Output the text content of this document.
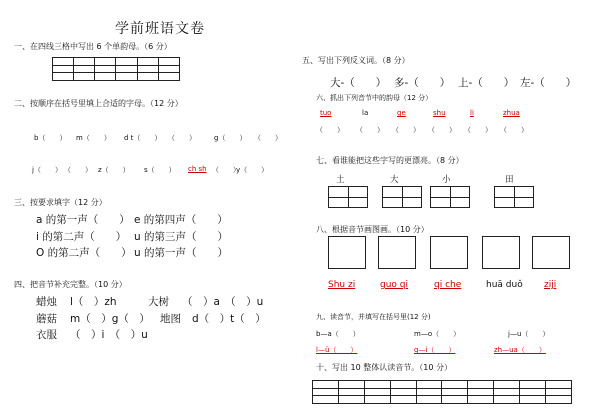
学前班语文卷
一、在四线三格中写出 6 个单韵母。（6 分）

二、按顺序在括号里填上合适的字母。（12 分）
b（　　） m（　　） d t（　　） （　　）	g（　　） （　　）
j（　　） （　　） z（　　） s（　　） ch sh （　　）
y（　　）
三、按要求填字（12 分）
a 的第一声（　　） e 的第四声（　　）
i 的第二声（　　） u 的第三声（　　）
O 的第二声（　　） u 的第一声（　　）
四、把音节补充完整。（10 分）
蜡烛 l（　）zh	大树 （　）a　（　）u
蘑菇 m（　）g（　） 地图 d（　）t（　）
衣服 （　）i　（　）u
五、写出下列反义词。（8 分）
大-（　　） 多-（　　） 上-（　　） 左-（　　）
六、抓出下列音节中的韵母（12 分）
tuo	la	ge	shu	li	zhua
（　　） （　　） （　　） （　　） （　　） （　　）
七、看谁能把这些字写的更漂亮。（8 分）
土	大	小	田
八、根据音节画图画。（10 分）
Shu zi	guo qi	qi che	huā duǒ ziji
九、读音节，并填写在括号里(12 分)
b—a（　　）	m—o（　　）	j—u（　　）
l—ü（　　）	q—i（　　）	zh—ua（　　）
十、写出 10 整体认读音节。（10 分）
